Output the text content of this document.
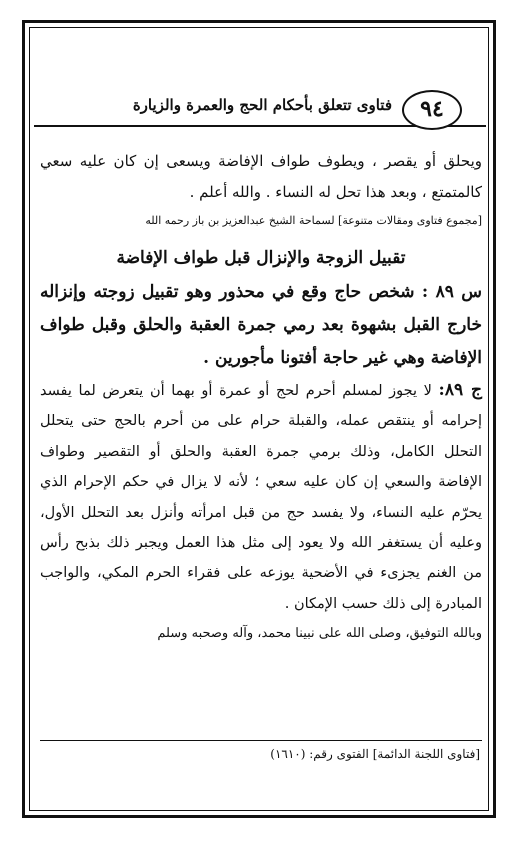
٩٤
فتاوى تتعلق بأحكام الحج والعمرة والزيارة

ويحلق أو يقصر ، ويطوف طواف الإفاضة ويسعى إن كان عليه سعي كالمتمتع ، وبعد هذا تحل له النساء . والله أعلم .

[مجموع فتاوى ومقالات متنوعة] لسماحة الشيخ عبدالعزيز بن باز رحمه الله

تقبيل الزوجة والإنزال قبل طواف الإفاضة

س ٨٩ : شخص حاج وقع في محذور وهو تقبيل زوجته وإنزاله خارج القبل بشهوة بعد رمي جمرة العقبة والحلق وقبل طواف الإفاضة وهي غير حاجة أفتونا مأجورين .

ج ٨٩: لا يجوز لمسلم أحرم لحج أو عمرة أو بهما أن يتعرض لما يفسد إحرامه أو ينتقص عمله، والقبلة حرام على من أحرم بالحج حتى يتحلل التحلل الكامل، وذلك برمي جمرة العقبة والحلق أو التقصير وطواف الإفاضة والسعي إن كان عليه سعي ؛ لأنه لا يزال في حكم الإحرام الذي يحرّم عليه النساء، ولا يفسد حج من قبل امرأته وأنزل بعد التحلل الأول، وعليه أن يستغفر الله ولا يعود إلى مثل هذا العمل ويجبر ذلك بذبح رأس من الغنم يجزىء في الأضحية يوزعه على فقراء الحرم المكي، والواجب المبادرة إلى ذلك حسب الإمكان .

وبالله التوفيق، وصلى الله على نبينا محمد، وآله وصحبه وسلم

[فتاوى اللجنة الدائمة] الفتوى رقم: (١٦١٠)
